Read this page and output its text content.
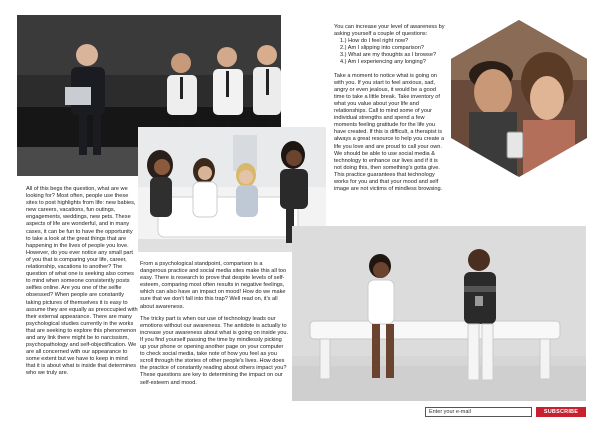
All of this begs the question, what are we looking for? Most often, people use these sites to post highlights from life: new babies, new careers, vacations, fun outings, engagements, weddings, new pets. These aspects of life are wonderful, and in many cases, it can be fun to have the opportunity to take a look at the great things that are happening in the lives of people you love. However, do you ever notice any small part of you that is comparing your life, career, relationship, vacations to another? The question of what one is seeking also comes to mind when someone consistently posts selfies online. Are you one of the selfie obsessed? When people are constantly taking pictures of themselves it is easy to assume they are equally as preoccupied with their external appearance. There are many psychological studies currently in the works that are seeking to explore this phenomenon and any link there might be to narcissism, psychopathology and self-objectification. We are all concerned with our appearance to some extent but we have to keep in mind that it is about what is inside that determines who we truly are.

From a psychological standpoint, comparison is a dangerous practice and social media sites make this all too easy. There is research to prove that despite levels of self-esteem, comparing most often results in negative feelings, which can also have an impact on mood! How do we make sure that we don't fall into this trap? Well read on, it's all about awareness.

The tricky part is when our use of technology leads our emotions without our awareness. The antidote is actually to increase your awareness about what is going on inside you. If you find yourself passing the time by mindlessly picking up your phone or opening another page on your computer to check social media, take note of how you feel as you scroll through the stories of other people's lives. How does the practice of constantly reading about others impact you? These questions are key to determining the impact on our self-esteem and mood.

You can increase your level of awareness by asking yourself a couple of questions:

1.) How do I feel right now?
2.) Am I slipping into comparison?
3.) What are my thoughts as I browse?
4.) Am I experiencing any longing?

Take a moment to notice what is going on with you. If you start to feel anxious, sad, angry or even jealous, it would be a good time to take a little break. Take inventory of what you value about your life and relationships. Call to mind some of your individual strengths and spend a few moments feeling gratitude for the life you have created. If this is difficult, a therapist is always a great resource to help you create a life you love and are proud to call your own. We should be able to use social media & technology to enhance our lives and if it is not doing this, then something's gotta give. This practice guarantees that technology works for you and that your mood and self image are not victims of mindless browsing.

Enter your e-mail
SUBSCRIBE
